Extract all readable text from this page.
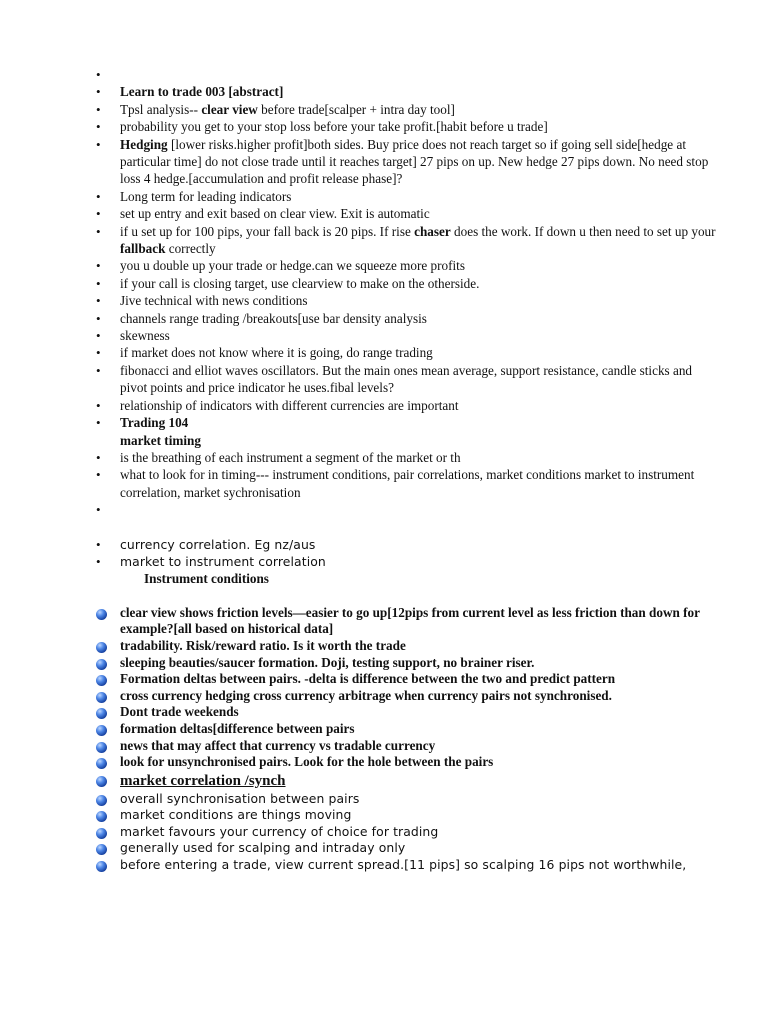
•
• Learn to trade 003 [abstract]
• Tpsl analysis-- clear view before trade[scalper + intra day tool]
• probability you get to your stop loss before your take profit.[habit before u trade]
• Hedging [lower risks.higher profit]both sides. Buy price does not reach target so if going sell side[hedge at particular time] do not close trade until it reaches target] 27 pips on up. New hedge 27 pips down. No need stop loss 4 hedge.[accumulation and profit release phase]?
• Long term for leading indicators
• set up entry and exit based on clear view. Exit is automatic
• if u set up for 100 pips, your fall back is 20 pips. If rise chaser does the work. If down u then need to set up your fallback correctly
• you u double up your trade or hedge.can we squeeze more profits
• if your call is closing target, use clearview to make on the otherside.
• Jive technical with news conditions
• channels range trading /breakouts[use bar density analysis
• skewness
• if market does not know where it is going, do range trading
• fibonacci and elliot waves oscillators. But the main ones mean average, support resistance, candle sticks and pivot points and price indicator he uses.fibal levels?
• relationship of indicators with different currencies are important
• Trading 104
market timing
• is the breathing of each instrument a segment of the market or th
• what to look for in timing--- instrument conditions, pair correlations, market conditions market to instrument correlation, market sychronisation
•
• currency correlation. Eg nz/aus
• market to instrument correlation
Instrument conditions
clear view shows friction levels—easier to go up[12pips from current level as less friction than down for example?[all based on historical data]
tradability. Risk/reward ratio. Is it worth the trade
sleeping beauties/saucer formation. Doji, testing support, no brainer riser.
Formation deltas between pairs. -delta is difference between the two and predict pattern
cross currency hedging cross currency arbitrage when currency pairs not synchronised.
Dont trade weekends
formation deltas[difference between pairs
news that may affect that currency vs tradable currency
look for unsynchronised pairs. Look for the hole between the pairs
market correlation /synch
overall synchronisation between pairs
market conditions are things moving
market favours your currency of choice for trading
generally used for scalping and intraday only
before entering a trade, view current spread.[11 pips] so scalping 16 pips not worthwhile,
